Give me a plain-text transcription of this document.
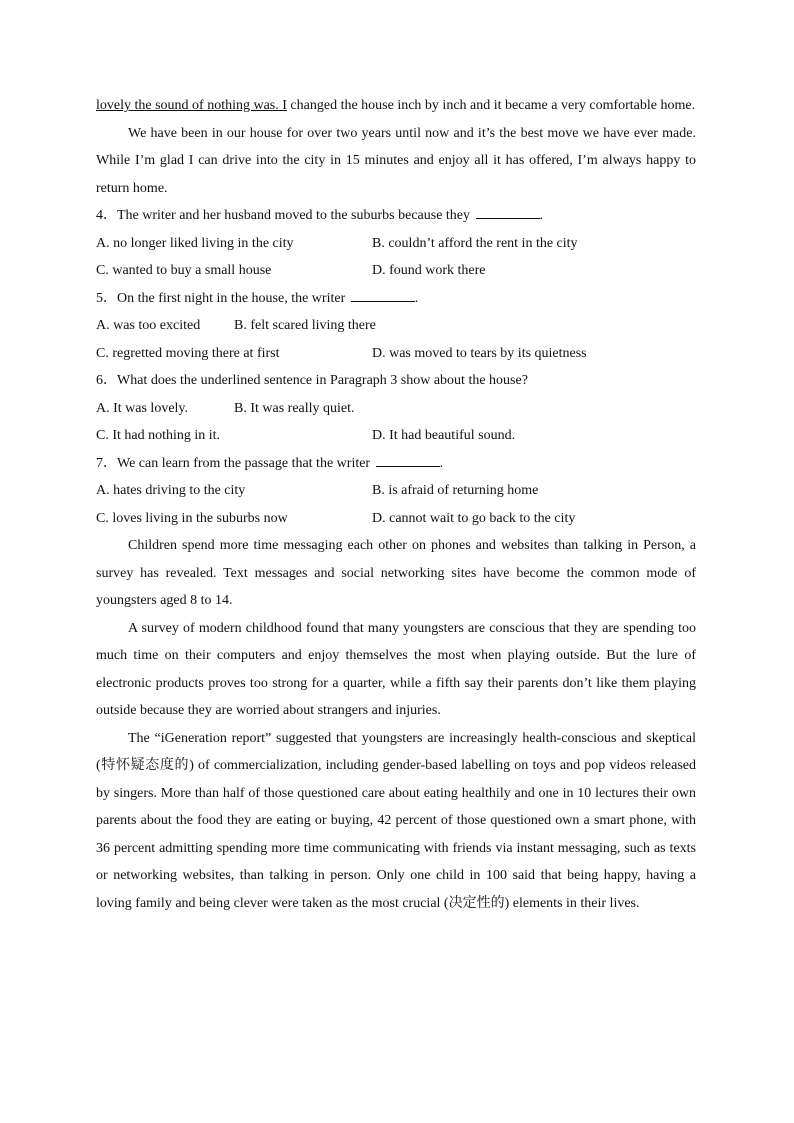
lovely the sound of nothing was. I changed the house inch by inch and it became a very comfortable home.

We have been in our house for over two years until now and it’s the best move we have ever made. While I’m glad I can drive into the city in 15 minutes and enjoy all it has offered, I’m always happy to return home.

4．The writer and her husband moved to the suburbs because they	.

A. no longer liked living in the city	B. couldn’t afford the rent in the city
C. wanted to buy a small house	D. found work there

5．On the first night in the house, the writer	.

A. was too excited	B. felt scared living there
C. regretted moving there at first	D. was moved to tears by its quietness

6．What does the underlined sentence in Paragraph 3 show about the house?

A. It was lovely.	B. It was really quiet.
C. It had nothing in it.	D. It had beautiful sound.

7．We can learn from the passage that the writer	.

A. hates driving to the city	B. is afraid of returning home
C. loves living in the suburbs now	D. cannot wait to go back to the city

Children spend more time messaging each other on phones and websites than talking in Person, a survey has revealed. Text messages and social networking sites have become the common mode of youngsters aged 8 to 14.

A survey of modern childhood found that many youngsters are conscious that they are spending too much time on their computers and enjoy themselves the most when playing outside. But the lure of electronic products proves too strong for a quarter, while a fifth say their parents don’t like them playing outside because they are worried about strangers and injuries.

The “iGeneration report” suggested that youngsters are increasingly health-conscious and skeptical (特怀疑态度的) of commercialization, including gender-based labelling on toys and pop videos released by singers. More than half of those questioned care about eating healthily and one in 10 lectures their own parents about the food they are eating or buying, 42 percent of those questioned own a smart phone, with 36 percent admitting spending more time communicating with friends via instant messaging, such as texts or networking websites, than talking in person. Only one child in 100 said that being happy, having a loving family and being clever were taken as the most crucial (决定性的) elements in their lives.
